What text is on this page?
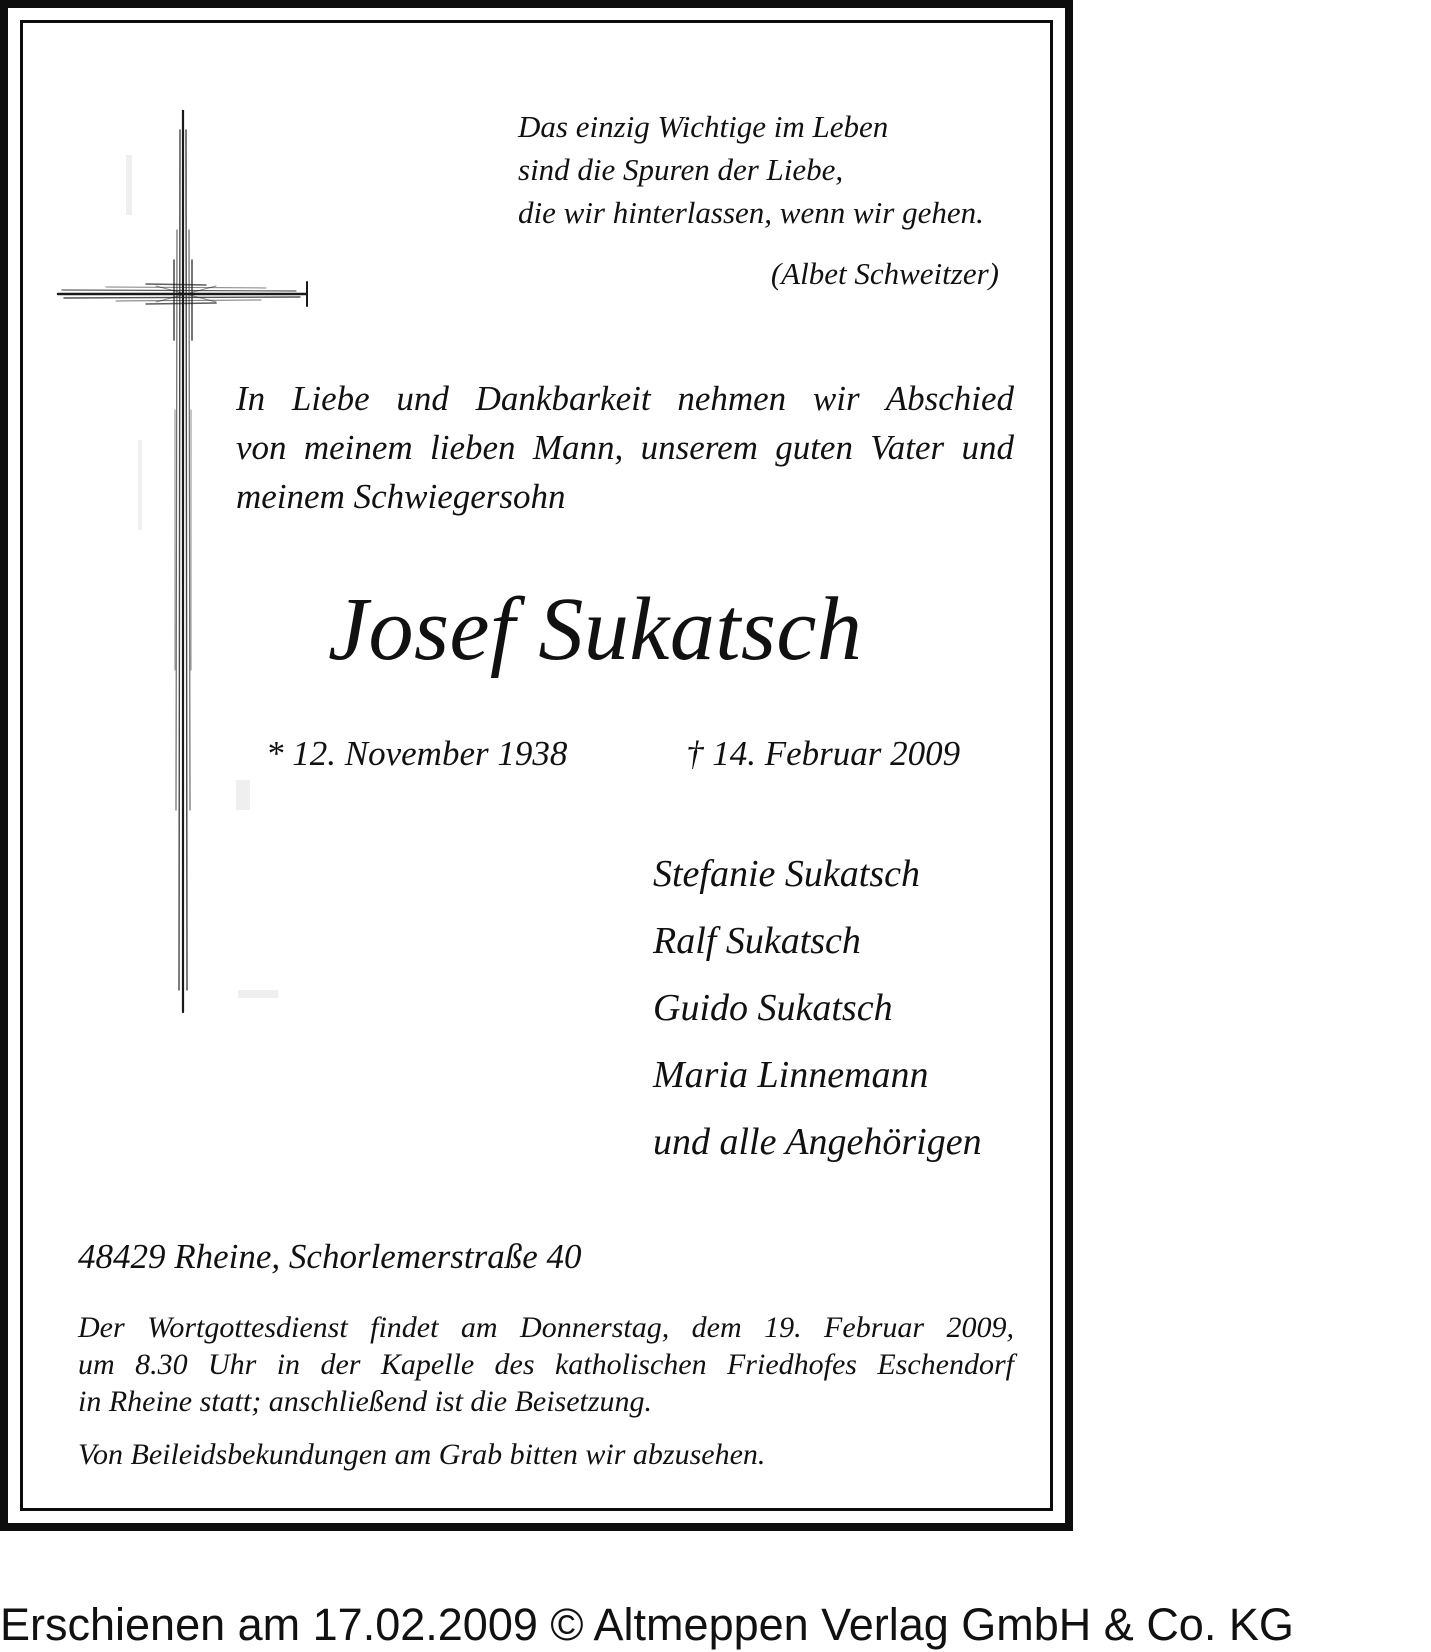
Das einzig Wichtige im Leben
sind die Spuren der Liebe,
die wir hinterlassen, wenn wir gehen.
(Albet Schweitzer)
In Liebe und Dankbarkeit nehmen wir Abschied
von meinem lieben Mann, unserem guten Vater und
meinem Schwiegersohn
Josef Sukatsch
* 12. November 1938	† 14. Februar 2009
Stefanie Sukatsch
Ralf Sukatsch
Guido Sukatsch
Maria Linnemann
und alle Angehörigen
48429 Rheine, Schorlemerstraße 40
Der Wortgottesdienst findet am Donnerstag, dem 19. Februar 2009,
um 8.30 Uhr in der Kapelle des katholischen Friedhofes Eschendorf
in Rheine statt; anschließend ist die Beisetzung.
Von Beileidsbekundungen am Grab bitten wir abzusehen.
Erschienen am 17.02.2009 © Altmeppen Verlag GmbH & Co. KG
